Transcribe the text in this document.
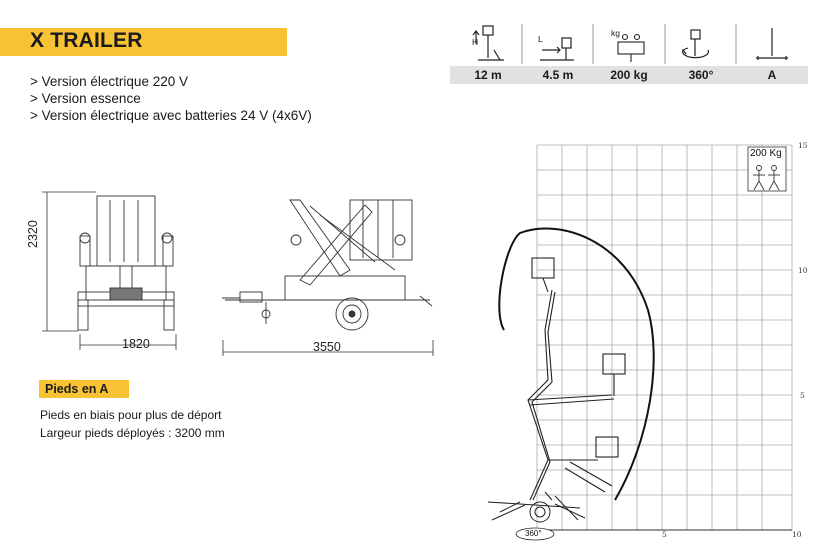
X TRAILER
> Version électrique 220 V
> Version essence
> Version électrique avec batteries 24 V (4x6V)
H	L
kg
12 m	4.5 m	200 kg	360°	A
2320
1820	3550
Pieds en A
Pieds en biais pour plus de déport
Largeur pieds déployés : 3200 mm
200 Kg
360°
15
10
5
5	10
